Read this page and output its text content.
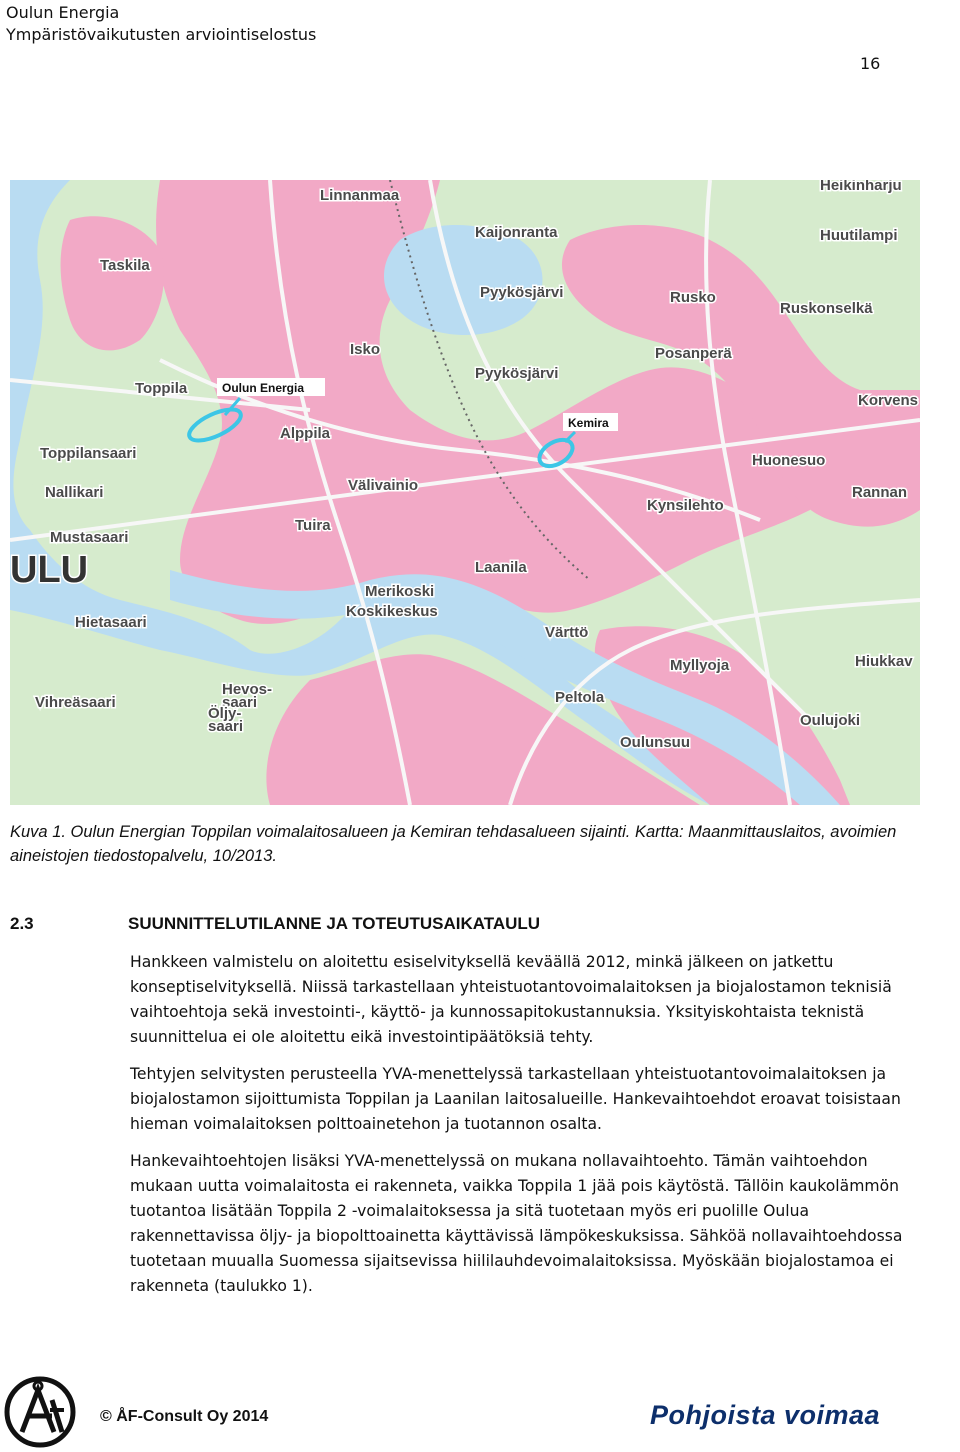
Oulun Energia
Ympäristövaikutusten arviointiselostus
16
Linnanmaa
Heikinharju
Taskila
Kaijonranta	Huutilampi
Pyykösjärvi	Rusko
Ruskonselkä
Isko	Posanperä
Toppila
Pyykösjärvi
Korvens
Alppila
Toppilansaari	Huonesuo
Nallikari	Välivainio	Rannan
Kynsilehto
Mustasaari
Tuira
ULU	Laanila
Merikoski
Koskikeskus
Hietasaari
Värttö
Myllyoja	Hiukkav
Vihreäsaari
Hevos-saari
Öljy-saari
Peltola
Oulujoki
Oulunsuu
Oulun Energia
Kemira
Kuva 1. Oulun Energian Toppilan voimalaitosalueen ja Kemiran tehdasalueen sijainti. Kartta: Maanmittauslaitos, avoimien aineistojen tiedostopalvelu, 10/2013.
2.3	SUUNNITTELUTILANNE JA TOTEUTUSAIKATAULU

Hankkeen valmistelu on aloitettu esiselvityksellä keväällä 2012, minkä jälkeen on jatkettu konseptiselvityksellä. Niissä tarkastellaan yhteistuotantovoimalaitoksen ja biojalostamon teknisiä vaihtoehtoja sekä investointi-, käyttö- ja kunnossapitokustannuksia. Yksityiskohtaista teknistä suunnittelua ei ole aloitettu eikä investointipäätöksiä tehty.

Tehtyjen selvitysten perusteella YVA-menettelyssä tarkastellaan yhteistuotantovoimalaitoksen ja biojalostamon sijoittumista Toppilan ja Laanilan laitosalueille. Hankevaihtoehdot eroavat toisistaan hieman voimalaitoksen polttoainetehon ja tuotannon osalta.

Hankevaihtoehtojen lisäksi YVA-menettelyssä on mukana nollavaihtoehto. Tämän vaihtoehdon mukaan uutta voimalaitosta ei rakenneta, vaikka Toppila 1 jää pois käytöstä. Tällöin kaukolämmön tuotantoa lisätään Toppila 2 -voimalaitoksessa ja sitä tuotetaan myös eri puolille Oulua rakennettavissa öljy- ja biopolttoainetta käyttävissä lämpökeskuksissa. Sähköä nollavaihtoehdossa tuotetaan muualla Suomessa sijaitsevissa hiililauhdevoimalaitoksissa. Myöskään biojalostamoa ei rakenneta (taulukko 1).

© ÅF-Consult Oy 2014	Pohjoista voimaa
